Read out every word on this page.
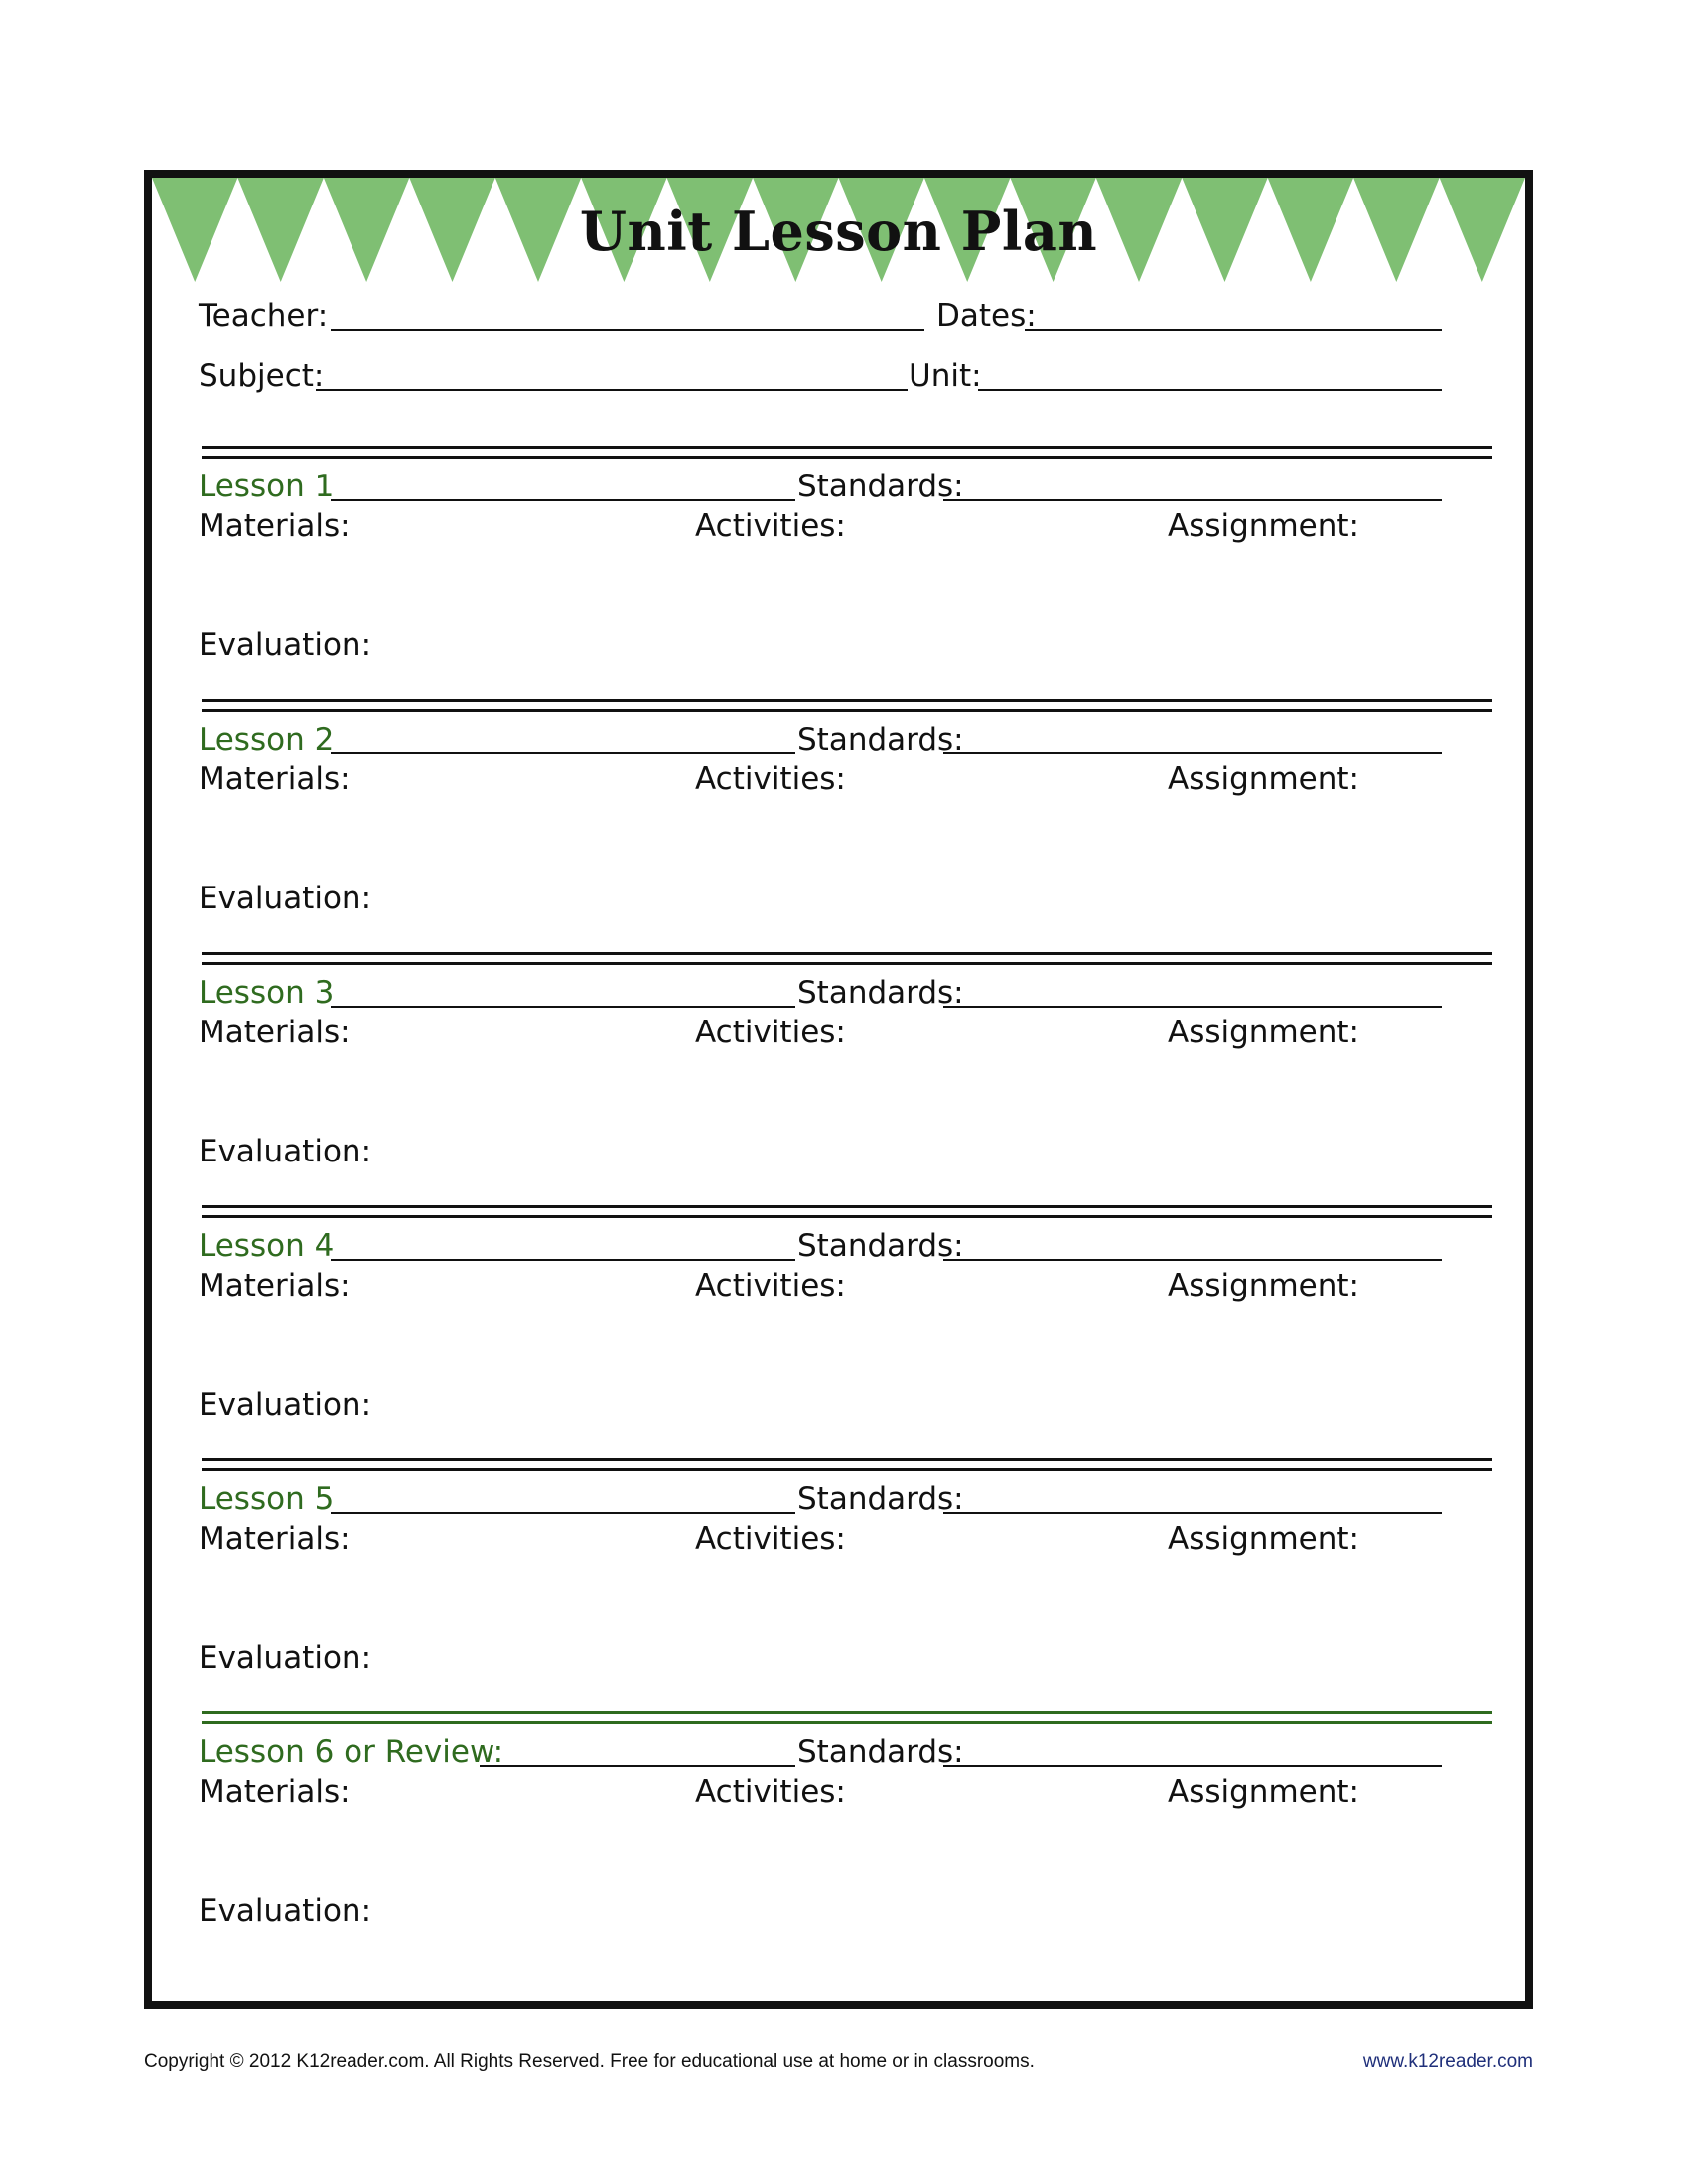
Unit Lesson Plan
Teacher:	Dates:
Subject:	Unit:
Lesson 1	Standards:
Materials:	Activities:	Assignment:
Evaluation:
Lesson 2	Standards:
Materials:	Activities:	Assignment:
Evaluation:
Lesson 3	Standards:
Materials:	Activities:	Assignment:
Evaluation:
Lesson 4	Standards:
Materials:	Activities:	Assignment:
Evaluation:
Lesson 5	Standards:
Materials:	Activities:	Assignment:
Evaluation:
Lesson 6 or Review:	Standards:
Materials:	Activities:	Assignment:
Evaluation:
Copyright © 2012 K12reader.com. All Rights Reserved. Free for educational use at home or in classrooms.	www.k12reader.com
